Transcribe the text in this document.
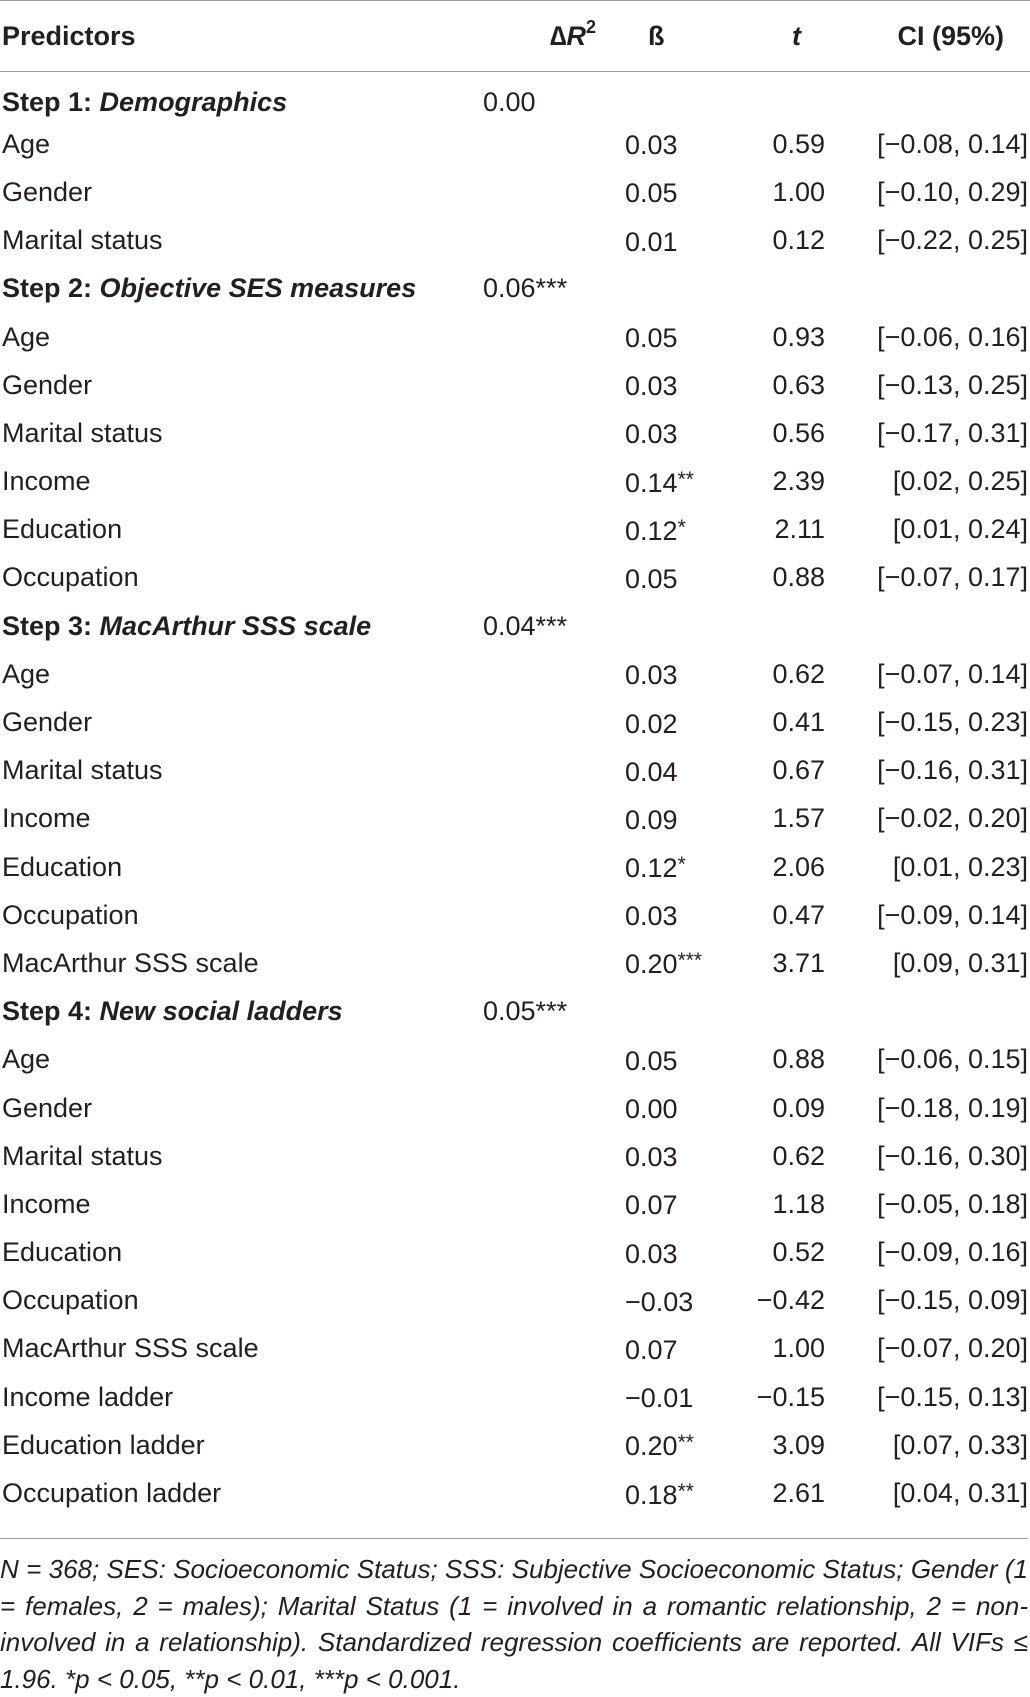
Predictors	$\Delta R^2$	ß	t	CI (95%)
Step 1: Demographics	0.00			
Age		0.03	0.59	[−0.08, 0.14]
Gender		0.05	1.00	[−0.10, 0.29]
Marital status		0.01	0.12	[−0.22, 0.25]
Step 2: Objective SES measures	0.06***			
Age		0.05	0.93	[−0.06, 0.16]
Gender		0.03	0.63	[−0.13, 0.25]
Marital status		0.03	0.56	[−0.17, 0.31]
Income		0.14**	2.39	[0.02, 0.25]
Education		0.12*	2.11	[0.01, 0.24]
Occupation		0.05	0.88	[−0.07, 0.17]
Step 3: MacArthur SSS scale	0.04***			
Age		0.03	0.62	[−0.07, 0.14]
Gender		0.02	0.41	[−0.15, 0.23]
Marital status		0.04	0.67	[−0.16, 0.31]
Income		0.09	1.57	[−0.02, 0.20]
Education		0.12*	2.06	[0.01, 0.23]
Occupation		0.03	0.47	[−0.09, 0.14]
MacArthur SSS scale		0.20***	3.71	[0.09, 0.31]
Step 4: New social ladders	0.05***			
Age		0.05	0.88	[−0.06, 0.15]
Gender		0.00	0.09	[−0.18, 0.19]
Marital status		0.03	0.62	[−0.16, 0.30]
Income		0.07	1.18	[−0.05, 0.18]
Education		0.03	0.52	[−0.09, 0.16]
Occupation		−0.03	−0.42	[−0.15, 0.09]
MacArthur SSS scale		0.07	1.00	[−0.07, 0.20]
Income ladder		−0.01	−0.15	[−0.15, 0.13]
Education ladder		0.20**	3.09	[0.07, 0.33]
Occupation ladder		0.18**	2.61	[0.04, 0.31]
N = 368; SES: Socioeconomic Status; SSS: Subjective Socioeconomic Status; Gender (1 = females, 2 = males); Marital Status (1 = involved in a romantic relationship, 2 = non-involved in a relationship). Standardized regression coefficients are reported. All VIFs ≤ 1.96. *p < 0.05, **p < 0.01, ***p < 0.001.
